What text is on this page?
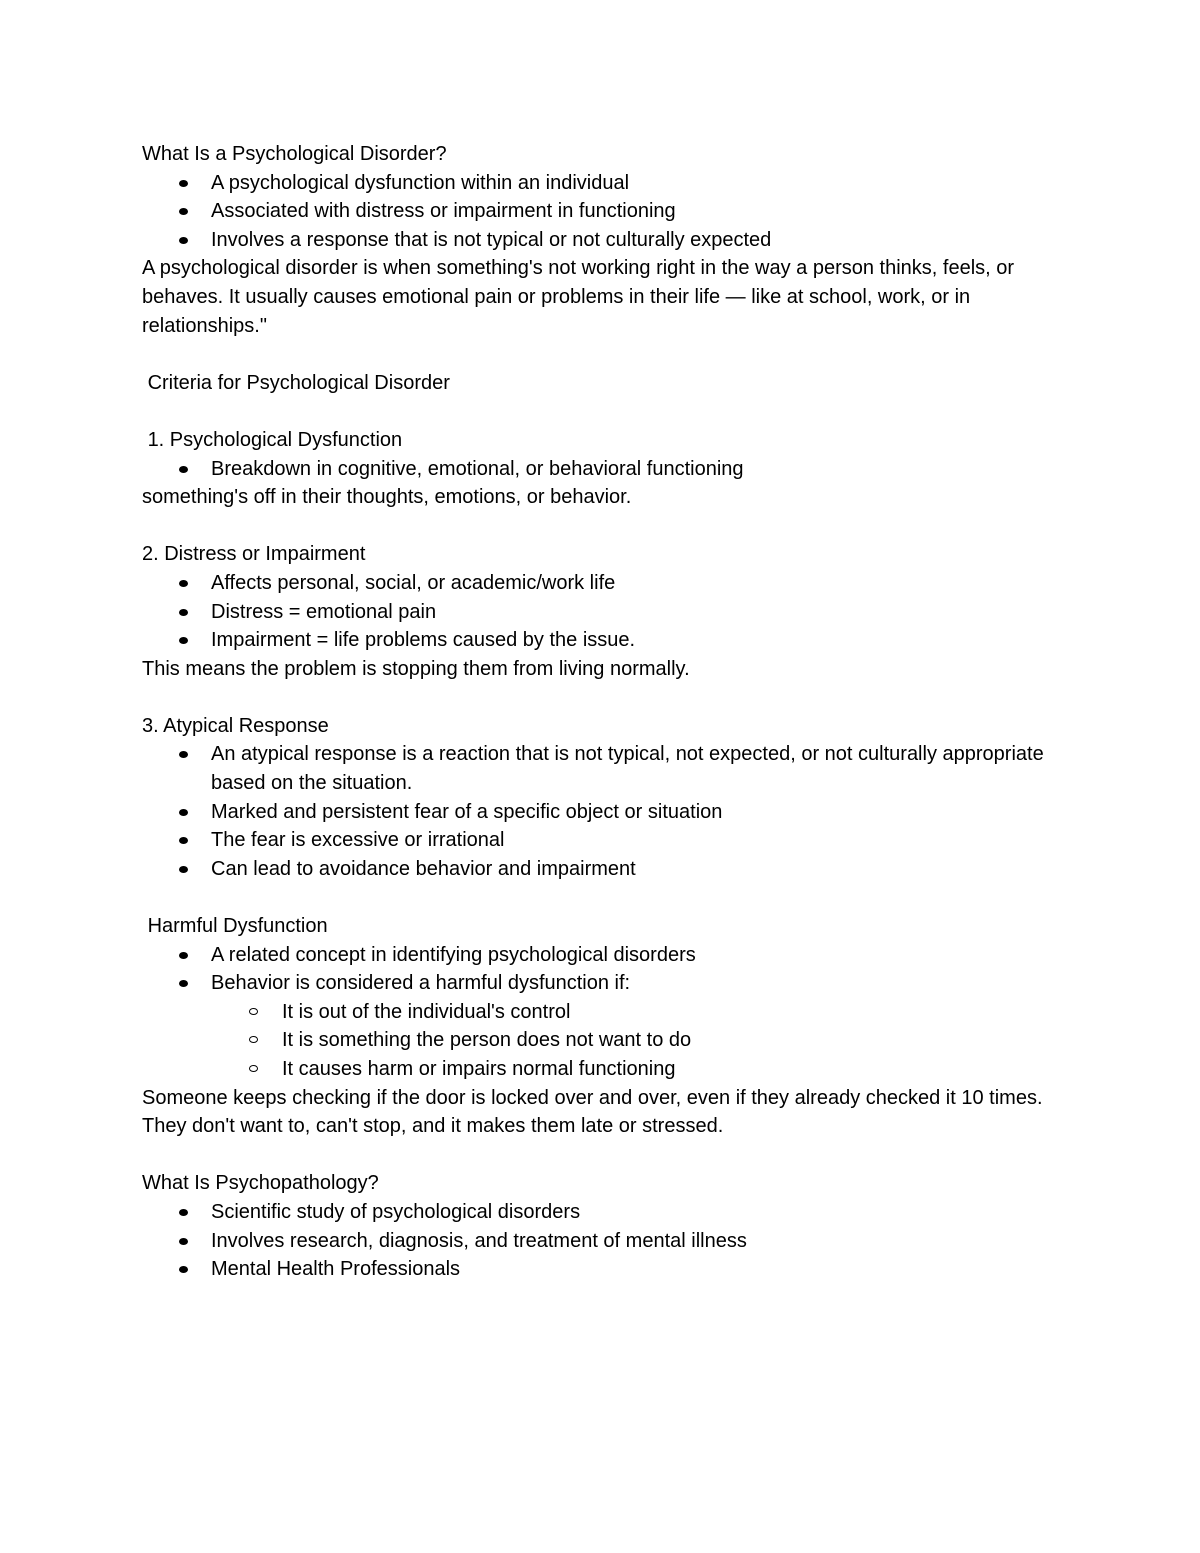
What Is a Psychological Disorder?

A psychological dysfunction within an individual
Associated with distress or impairment in functioning
Involves a response that is not typical or not culturally expected

A psychological disorder is when something's not working right in the way a person thinks, feels, or behaves. It usually causes emotional pain or problems in their life — like at school, work, or in relationships."

Criteria for Psychological Disorder

1. Psychological Dysfunction

Breakdown in cognitive, emotional, or behavioral functioning

something's off in their thoughts, emotions, or behavior.

2. Distress or Impairment

Affects personal, social, or academic/work life
Distress = emotional pain
Impairment = life problems caused by the issue.

This means the problem is stopping them from living normally.

3. Atypical Response

An atypical response is a reaction that is not typical, not expected, or not culturally appropriate based on the situation.
Marked and persistent fear of a specific object or situation
The fear is excessive or irrational
Can lead to avoidance behavior and impairment

Harmful Dysfunction

A related concept in identifying psychological disorders
Behavior is considered a harmful dysfunction if:
It is out of the individual's control
It is something the person does not want to do
It causes harm or impairs normal functioning

Someone keeps checking if the door is locked over and over, even if they already checked it 10 times. They don't want to, can't stop, and it makes them late or stressed.

What Is Psychopathology?

Scientific study of psychological disorders
Involves research, diagnosis, and treatment of mental illness
Mental Health Professionals
